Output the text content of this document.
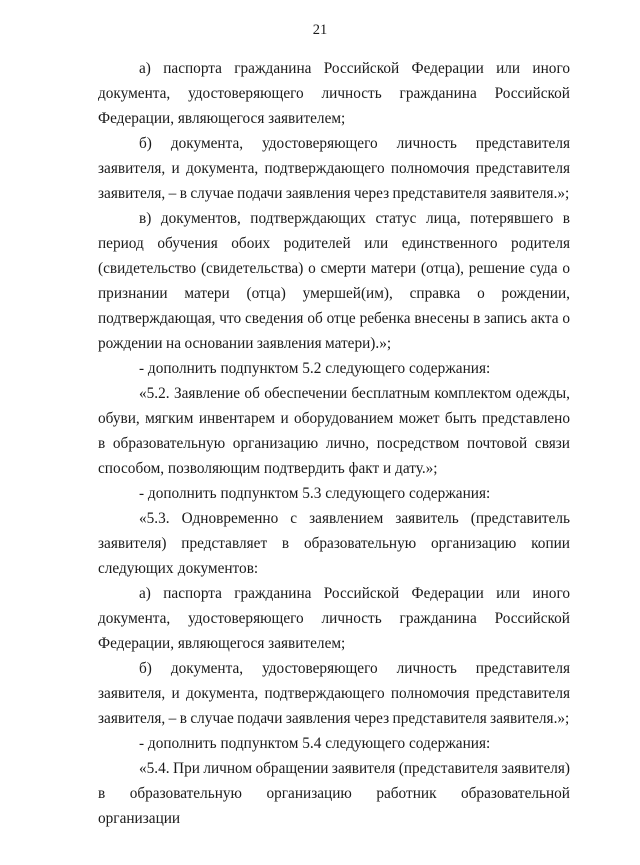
21

а) паспорта гражданина Российской Федерации или иного документа, удостоверяющего личность гражданина Российской Федерации, являющегося заявителем;

б) документа, удостоверяющего личность представителя заявителя, и документа, подтверждающего полномочия представителя заявителя, – в случае подачи заявления через представителя заявителя.»;

в) документов, подтверждающих статус лица, потерявшего в период обучения обоих родителей или единственного родителя (свидетельство (свидетельства) о смерти матери (отца), решение суда о признании матери (отца) умершей(им), справка о рождении, подтверждающая, что сведения об отце ребенка внесены в запись акта о рождении на основании заявления матери).»;

- дополнить подпунктом 5.2 следующего содержания:

«5.2. Заявление об обеспечении бесплатным комплектом одежды, обуви, мягким инвентарем и оборудованием может быть представлено в образовательную организацию лично, посредством почтовой связи способом, позволяющим подтвердить факт и дату.»;

- дополнить подпунктом 5.3 следующего содержания:

«5.3. Одновременно с заявлением заявитель (представитель заявителя) представляет в образовательную организацию копии следующих документов:

а) паспорта гражданина Российской Федерации или иного документа, удостоверяющего личность гражданина Российской Федерации, являющегося заявителем;

б) документа, удостоверяющего личность представителя заявителя, и документа, подтверждающего полномочия представителя заявителя, – в случае подачи заявления через представителя заявителя.»;

- дополнить подпунктом 5.4 следующего содержания:

«5.4. При личном обращении заявителя (представителя заявителя) в образовательную организацию работник образовательной организации
